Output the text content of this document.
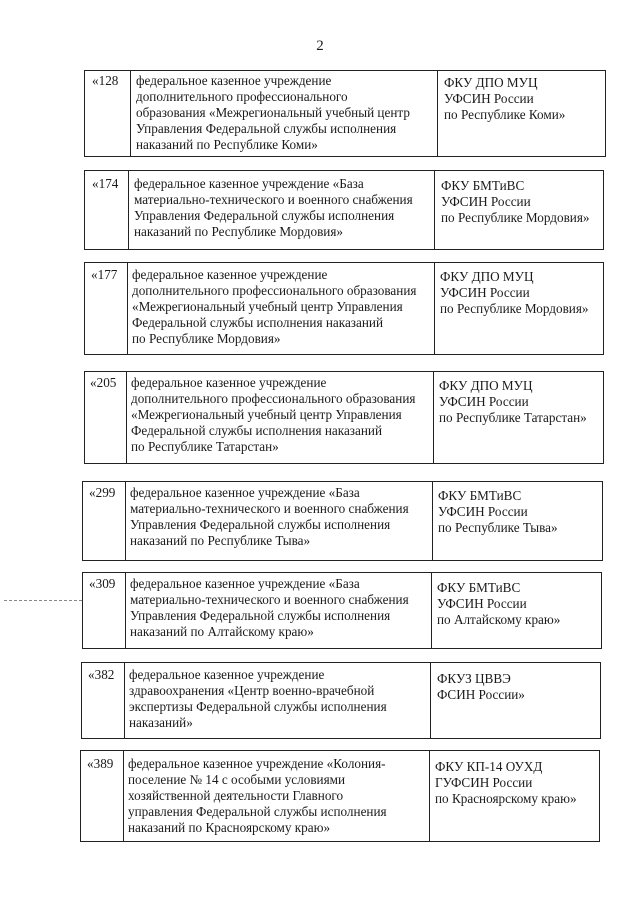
2
«128 федеральное казенное учреждение
дополнительного профессионального
образования «Межрегиональный учебный центр
Управления Федеральной службы исполнения
наказаний по Республике Коми»
ФКУ ДПО МУЦ
УФСИН России
по Республике Коми»
«174 федеральное казенное учреждение «База
материально-технического и военного снабжения
Управления Федеральной службы исполнения
наказаний по Республике Мордовия»
ФКУ БМТиВС
УФСИН России
по Республике Мордовия»
«177 федеральное казенное учреждение
дополнительного профессионального образования
«Межрегиональный учебный центр Управления
Федеральной службы исполнения наказаний
по Республике Мордовия»
ФКУ ДПО МУЦ
УФСИН России
по Республике Мордовия»
«205 федеральное казенное учреждение
дополнительного профессионального образования
«Межрегиональный учебный центр Управления
Федеральной службы исполнения наказаний
по Республике Татарстан»
ФКУ ДПО МУЦ
УФСИН России
по Республике Татарстан»
«299 федеральное казенное учреждение «База
материально-технического и военного снабжения
Управления Федеральной службы исполнения
наказаний по Республике Тыва»
ФКУ БМТиВС
УФСИН России
по Республике Тыва»
«309 федеральное казенное учреждение «База
материально-технического и военного снабжения
Управления Федеральной службы исполнения
наказаний по Алтайскому краю»
ФКУ БМТиВС
УФСИН России
по Алтайскому краю»
«382 федеральное казенное учреждение
здравоохранения «Центр военно-врачебной
экспертизы Федеральной службы исполнения
наказаний»
ФКУЗ ЦВВЭ
ФСИН России»
«389 федеральное казенное учреждение «Колония-
поселение № 14 с особыми условиями
хозяйственной деятельности Главного
управления Федеральной службы исполнения
наказаний по Красноярскому краю»
ФКУ КП-14 ОУХД
ГУФСИН России
по Красноярскому краю»
